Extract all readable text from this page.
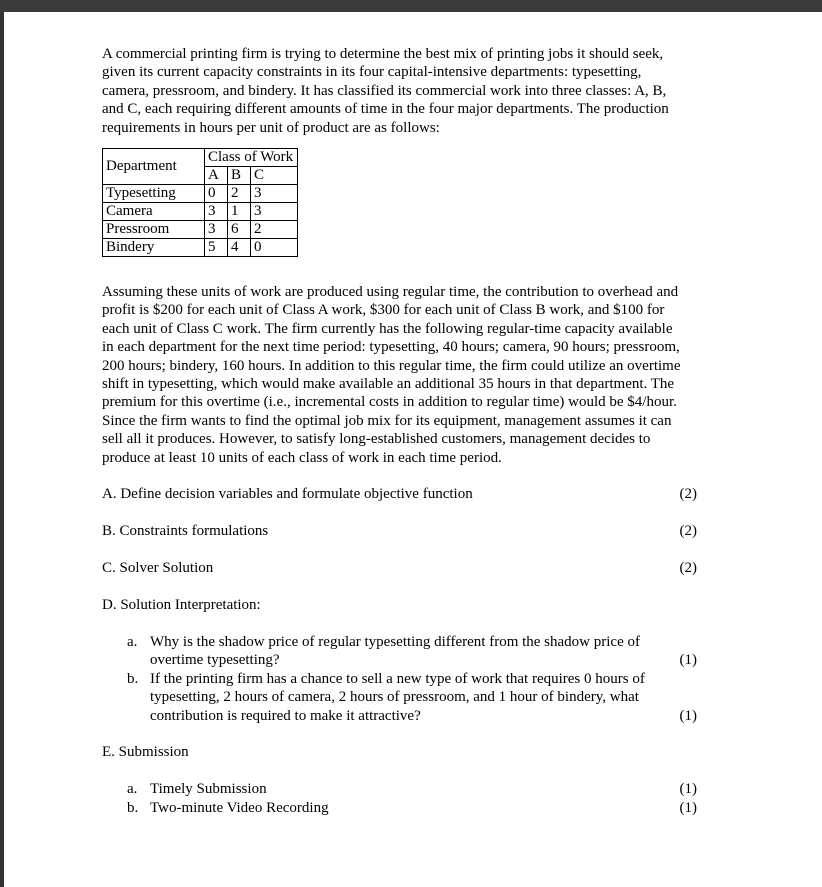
A commercial printing firm is trying to determine the best mix of printing jobs it should seek,
given its current capacity constraints in its four capital-intensive departments: typesetting,
camera, pressroom, and bindery. It has classified its commercial work into three classes: A, B,
and C, each requiring different amounts of time in the four major departments. The production
requirements in hours per unit of product are as follows:
Department	Class of Work		
	A	B	C
Typesetting	0	2	3
Camera	3	1	3
Pressroom	3	6	2
Bindery	5	4	0
Assuming these units of work are produced using regular time, the contribution to overhead and
profit is $200 for each unit of Class A work, $300 for each unit of Class B work, and $100 for
each unit of Class C work. The firm currently has the following regular-time capacity available
in each department for the next time period: typesetting, 40 hours; camera, 90 hours; pressroom,
200 hours; bindery, 160 hours. In addition to this regular time, the firm could utilize an overtime
shift in typesetting, which would make available an additional 35 hours in that department. The
premium for this overtime (i.e., incremental costs in addition to regular time) would be $4/hour.
Since the firm wants to find the optimal job mix for its equipment, management assumes it can
sell all it produces. However, to satisfy long-established customers, management decides to
produce at least 10 units of each class of work in each time period.
A. Define decision variables and formulate objective function	(2)
B. Constraints formulations	(2)
C. Solver Solution	(2)
D. Solution Interpretation:
a. Why is the shadow price of regular typesetting different from the shadow price of
overtime typesetting?	(1)
b. If the printing firm has a chance to sell a new type of work that requires 0 hours of
typesetting, 2 hours of camera, 2 hours of pressroom, and 1 hour of bindery, what
contribution is required to make it attractive?	(1)
E. Submission
a. Timely Submission	(1)
b. Two-minute Video Recording	(1)
